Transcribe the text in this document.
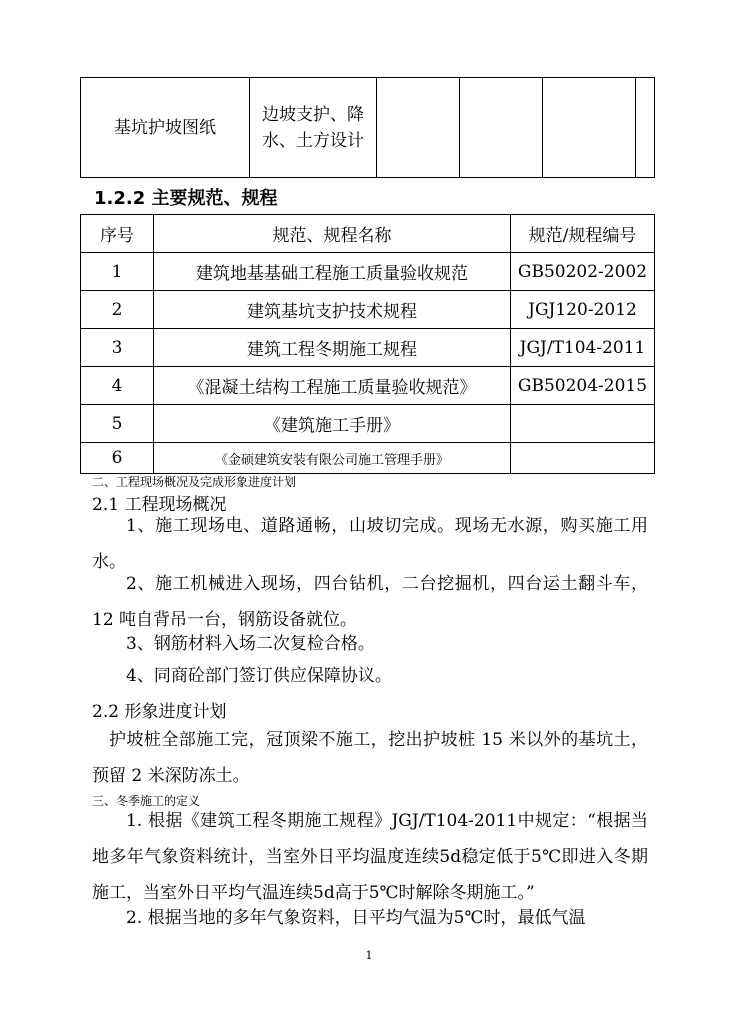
基坑护坡图纸	边坡支护、降水、土方设计				
1.2.2 主要规范、规程
序号	规范、规程名称	规范/规程编号
1	建筑地基基础工程施工质量验收规范	GB50202-2002
2	建筑基坑支护技术规程	JGJ120-2012
3	建筑工程冬期施工规程	JGJ/T104-2011
4	《混凝土结构工程施工质量验收规范》	GB50204-2015
5	《建筑施工手册》	
6	《金硕建筑安装有限公司施工管理手册》	
二、工程现场概况及完成形象进度计划
2.1 工程现场概况
1、施工现场电、道路通畅，山坡切完成。现场无水源，购买施工用水。
2、施工机械进入现场，四台钻机，二台挖掘机，四台运土翻斗车，12 吨自背吊一台，钢筋设备就位。
3、钢筋材料入场二次复检合格。
4、同商砼部门签订供应保障协议。
2.2 形象进度计划
护坡桩全部施工完，冠顶梁不施工，挖出护坡桩 15 米以外的基坑土，预留 2 米深防冻土。
三、冬季施工的定义
1. 根据《建筑工程冬期施工规程》JGJ/T104-2011中规定：“根据当地多年气象资料统计，当室外日平均温度连续5d稳定低于5℃即进入冬期施工，当室外日平均气温连续5d高于5℃时解除冬期施工。”
2. 根据当地的多年气象资料，日平均气温为5℃时，最低气温
1
